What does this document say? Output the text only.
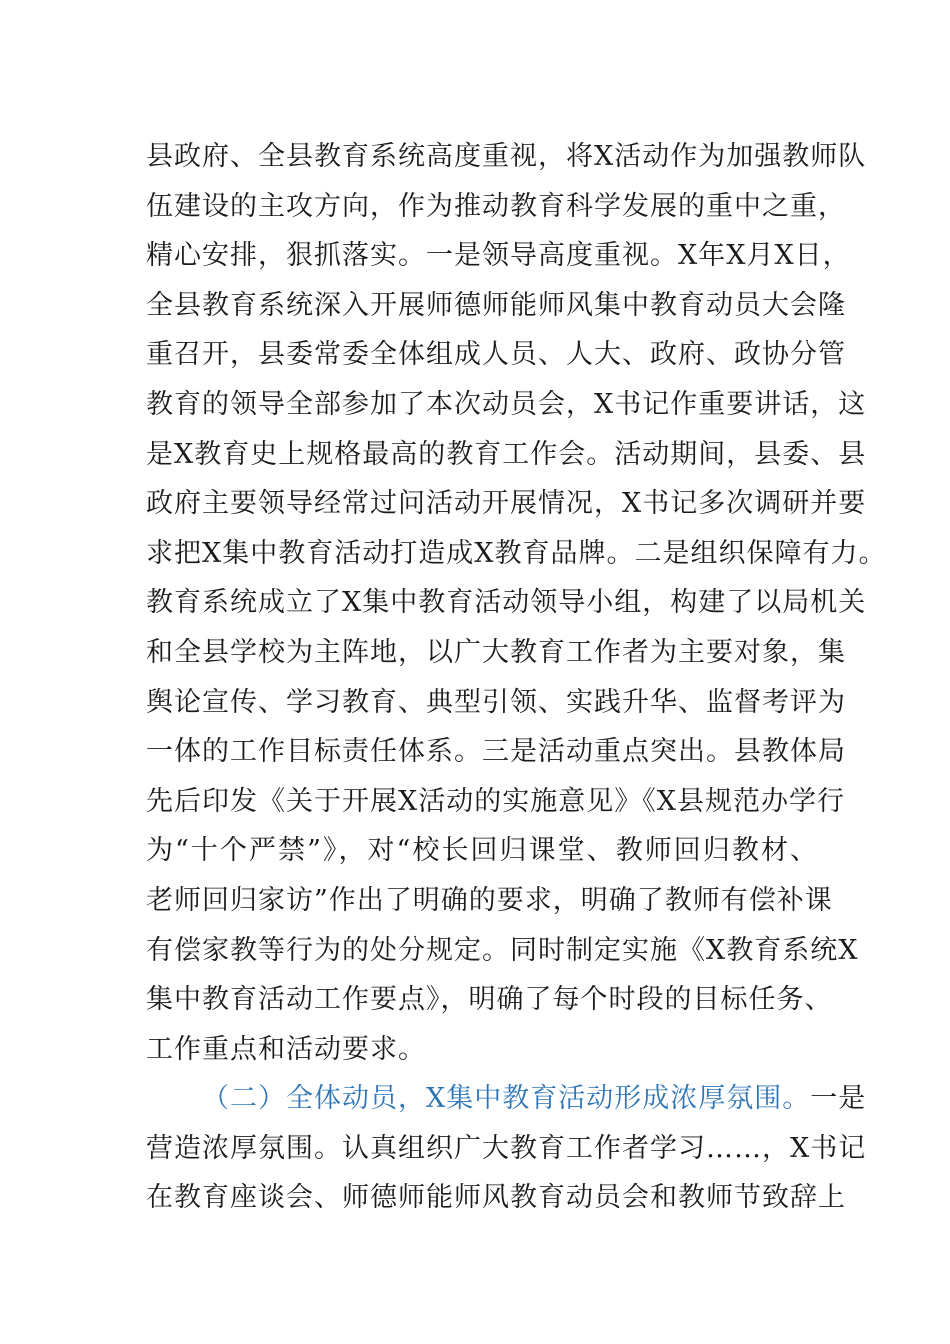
县政府、全县教育系统高度重视，将X活动作为加强教师队
伍建设的主攻方向，作为推动教育科学发展的重中之重，
精心安排，狠抓落实。一是领导高度重视。X年X月X日，
全县教育系统深入开展师德师能师风集中教育动员大会隆
重召开，县委常委全体组成人员、人大、政府、政协分管
教育的领导全部参加了本次动员会，X书记作重要讲话，这
是X教育史上规格最高的教育工作会。活动期间，县委、县
政府主要领导经常过问活动开展情况，X书记多次调研并要
求把X集中教育活动打造成X教育品牌。二是组织保障有力。
教育系统成立了X集中教育活动领导小组，构建了以局机关
和全县学校为主阵地，以广大教育工作者为主要对象，集
舆论宣传、学习教育、典型引领、实践升华、监督考评为
一体的工作目标责任体系。三是活动重点突出。县教体局
先后印发《关于开展X活动的实施意见》《X县规范办学行
为“十个严禁”》，对“校长回归课堂、教师回归教材、
老师回归家访”作出了明确的要求，明确了教师有偿补课
有偿家教等行为的处分规定。同时制定实施《X教育系统X
集中教育活动工作要点》，明确了每个时段的目标任务、
工作重点和活动要求。
（二）全体动员，X集中教育活动形成浓厚氛围。一是
营造浓厚氛围。认真组织广大教育工作者学习……，X书记
在教育座谈会、师德师能师风教育动员会和教师节致辞上
